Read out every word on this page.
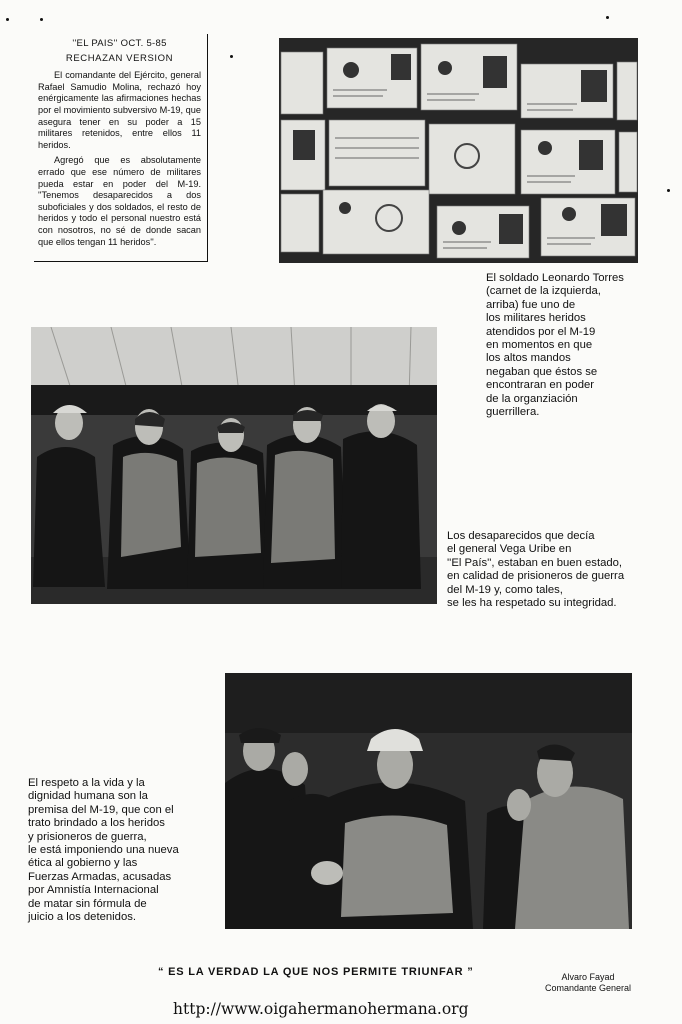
''EL PAIS'' OCT. 5-85
RECHAZAN VERSION

El comandante del Ejército, general Rafael Samudio Molina, rechazó hoy enérgicamente las afirmaciones hechas por el movimiento subversivo M-19, que asegura tener en su poder a 15 militares retenidos, entre ellos 11 heridos.

Agregó que es absolutamente errado que ese número de militares pueda estar en poder del M-19. ''Tenemos desaparecidos a dos suboficiales y dos soldados, el resto de heridos y todo el personal nuestro está con nosotros, no sé de donde sacan que ellos tengan 11 heridos''.

El soldado Leonardo Torres
(carnet de la izquierda,
arriba) fue uno de
los militares heridos
atendidos por el M-19
en momentos en que
los altos mandos
negaban que éstos se
encontraran en poder
de la organziación
guerrillera.
Los desaparecidos que decía
el general Vega Uribe en
''El País'', estaban en buen estado,
en calidad de prisioneros de guerra
del M-19 y, como tales,
se les ha respetado su integridad.
El respeto a la vida y la
dignidad humana son la
premisa del M-19, que con el
trato brindado a los heridos
y prisioneros de guerra,
le está imponiendo una nueva
ética al gobierno y las
Fuerzas Armadas, acusadas
por Amnistía Internacional
de matar sin fórmula de
juicio a los detenidos.
“ ES LA VERDAD LA QUE NOS PERMITE TRIUNFAR ”	Alvaro Fayad
Comandante General
http://www.oigahermanohermana.org
